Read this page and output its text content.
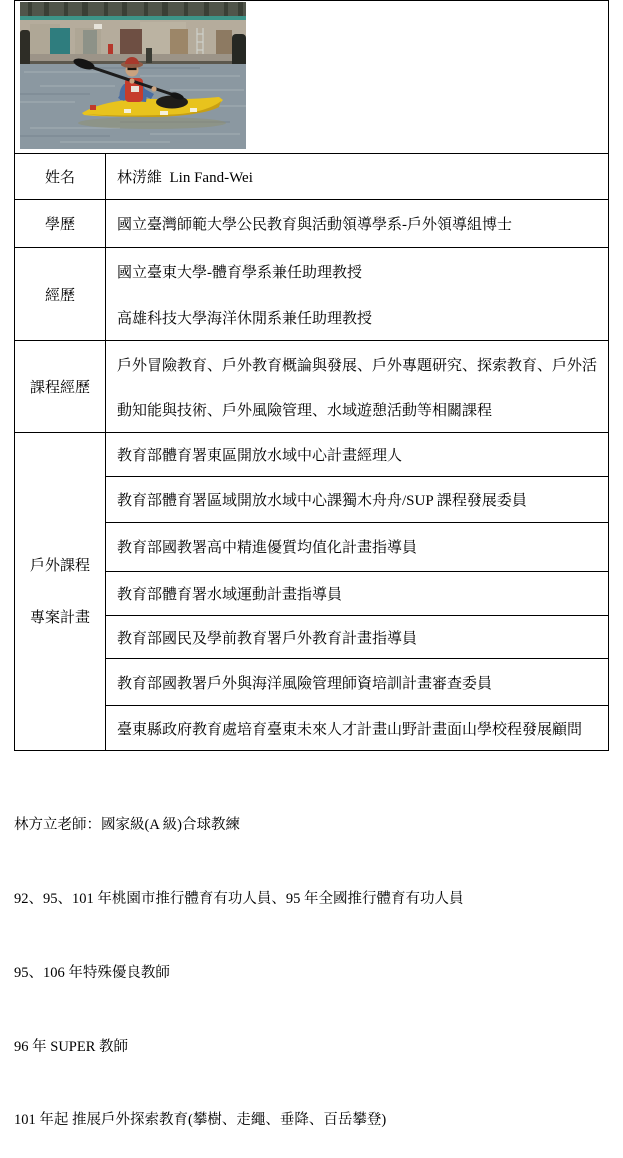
姓名	林淓維  Lin Fand-Wei
學歷	國立臺灣師範大學公民教育與活動領導學系-戶外領導組博士
經歷
國立臺東大學-體育學系兼任助理教授
高雄科技大學海洋休閒系兼任助理教授
課程經歷
戶外冒險教育、戶外教育概論與發展、戶外專題研究、探索教育、戶外活
動知能與技術、戶外風險管理、水域遊憩活動等相關課程
戶外課程
專案計畫
教育部體育署東區開放水域中心計畫經理人
教育部體育署區域開放水域中心課獨木舟舟/SUP 課程發展委員
教育部國教署高中精進優質均值化計畫指導員
教育部體育署水域運動計畫指導員
教育部國民及學前教育署戶外教育計畫指導員
教育部國教署戶外與海洋風險管理師資培訓計畫審查委員
臺東縣政府教育處培育臺東未來人才計畫山野計畫面山學校程發展顧問

林方立老師：國家級(A 級)合球教練

92、95、101 年桃園市推行體育有功人員、95 年全國推行體育有功人員

95、106 年特殊優良教師

96 年 SUPER 教師

101 年起 推展戶外探索教育(攀樹、走繩、垂降、百岳攀登)
